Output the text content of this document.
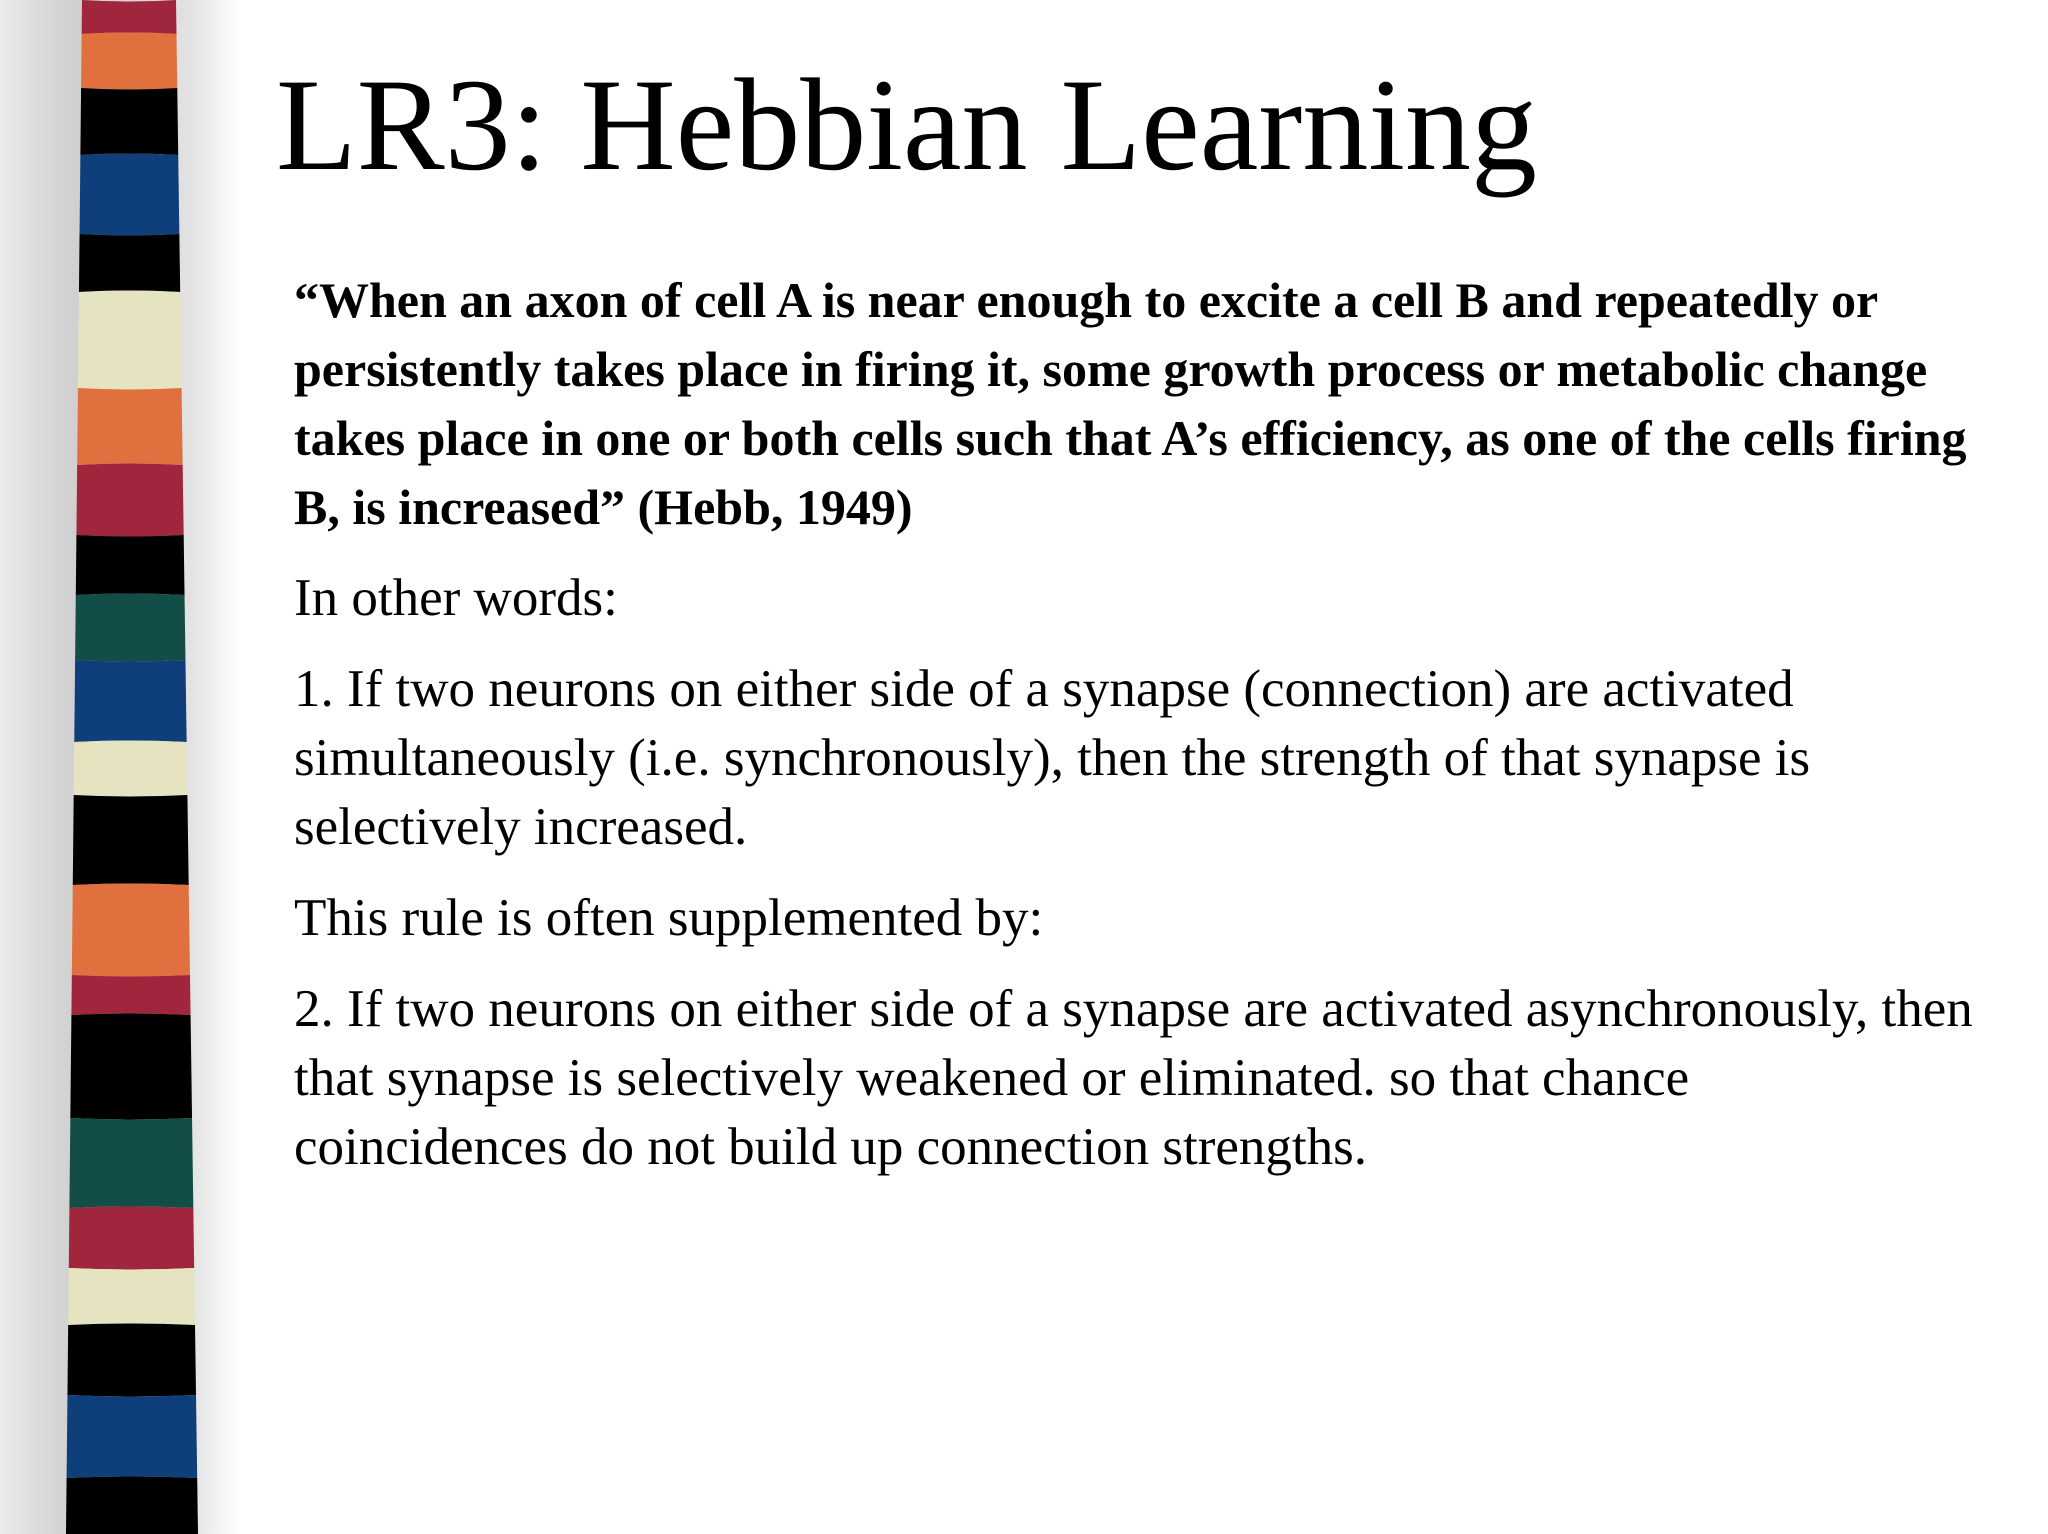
LR3: Hebbian Learning

“When an axon of cell A is near enough to excite a cell B and repeatedly or persistently takes place in firing it, some growth process or metabolic change takes place in one or both cells such that A’s efficiency, as one of the cells firing B, is increased” (Hebb, 1949)

In other words:

1. If two neurons on either side of a synapse (connection) are activated simultaneously (i.e. synchronously), then the strength of that synapse is selectively increased.

This rule is often supplemented by:

2. If two neurons on either side of a synapse are activated asynchronously, then that synapse is selectively weakened or eliminated. so that chance coincidences do not build up connection strengths.
